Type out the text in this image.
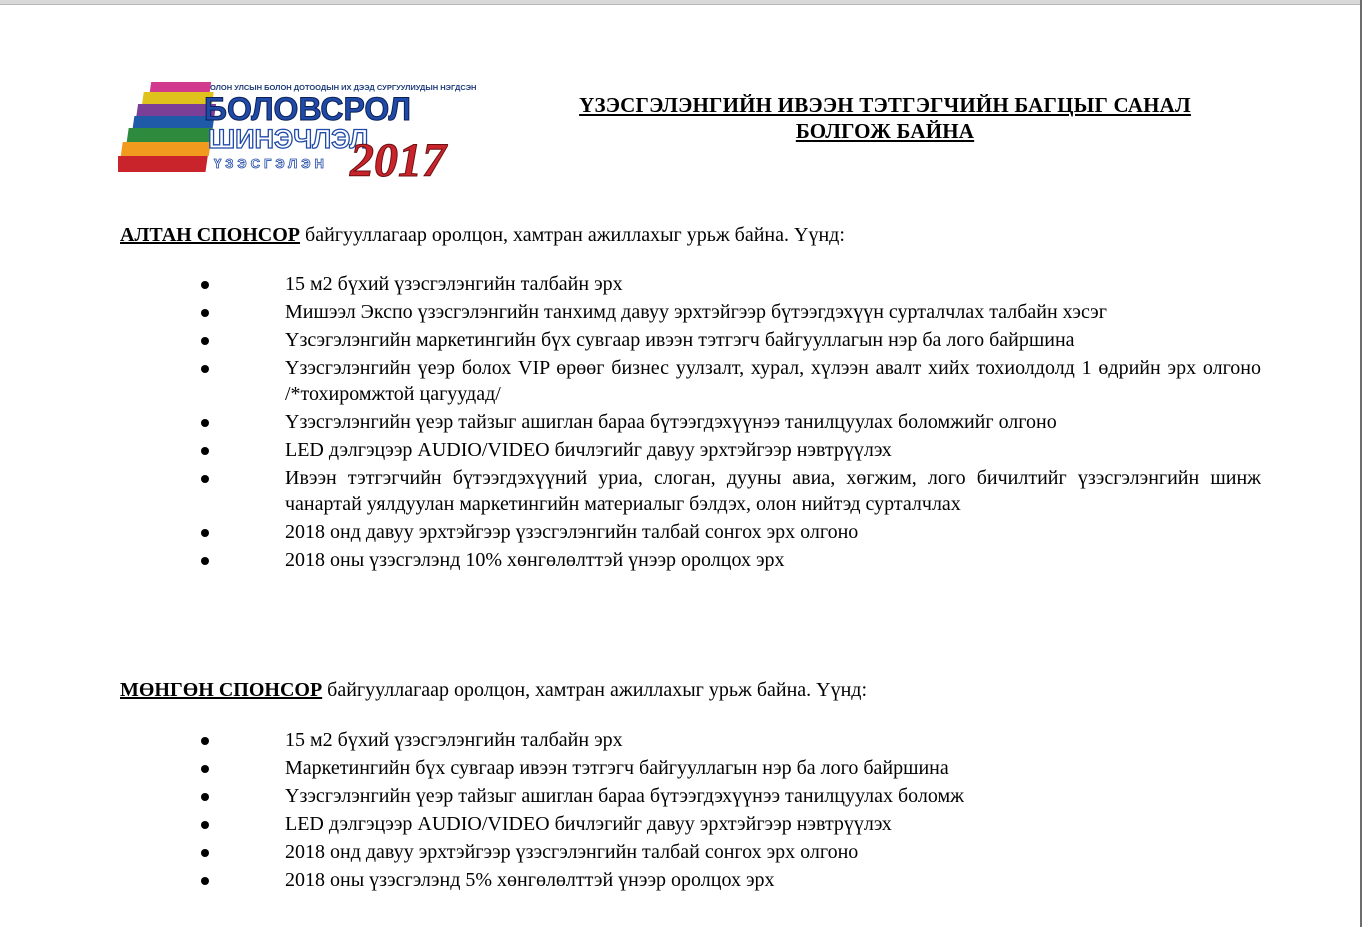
ОЛОН УЛСЫН БОЛОН ДОТООДЫН ИХ ДЭЭД СУРГУУЛИУДЫН НЭГДСЭН
БОЛОВСРОЛ
ШИНЭЧЛЭЛ
ҮЗЭСГЭЛЭН 2017
ҮЗЭСГЭЛЭНГИЙН ИВЭЭН ТЭТГЭГЧИЙН БАГЦЫГ САНАЛ
БОЛГОЖ БАЙНА
АЛТАН СПОНСОР байгууллагаар оролцон, хамтран ажиллахыг урьж байна. Үүнд:
15 м2 бүхий үзэсгэлэнгийн талбайн эрх
Мишээл Экспо үзэсгэлэнгийн танхимд давуу эрхтэйгээр бүтээгдэхүүн сурталчлах талбайн хэсэг
Үзсэгэлэнгийн маркетингийн бүх сувгаар ивээн тэтгэгч байгууллагын нэр ба лого байршина
Үзэсгэлэнгийн үеэр болох VIP өрөөг бизнес уулзалт, хурал, хүлээн авалт хийх тохиолдолд 1 өдрийн эрх олгоно /*тохиромжтой цагуудад/
Үзэсгэлэнгийн үеэр тайзыг ашиглан бараа бүтээгдэхүүнээ танилцуулах боломжийг олгоно
LED дэлгэцээр AUDIO/VIDEO бичлэгийг давуу эрхтэйгээр нэвтрүүлэх
Ивээн тэтгэгчийн бүтээгдэхүүний уриа, слоган, дууны авиа, хөгжим, лого бичилтийг үзэсгэлэнгийн шинж чанартай уялдуулан маркетингийн материалыг бэлдэх, олон нийтэд сурталчлах
2018 онд давуу эрхтэйгээр үзэсгэлэнгийн талбай сонгох эрх олгоно
2018 оны үзэсгэлэнд 10% хөнгөлөлттэй үнээр оролцох эрх
МӨНГӨН СПОНСОР байгууллагаар оролцон, хамтран ажиллахыг урьж байна. Үүнд:
15 м2 бүхий үзэсгэлэнгийн талбайн эрх
Маркетингийн бүх сувгаар ивээн тэтгэгч байгууллагын нэр ба лого байршина
Үзэсгэлэнгийн үеэр тайзыг ашиглан бараа бүтээгдэхүүнээ танилцуулах боломж
LED дэлгэцээр AUDIO/VIDEO бичлэгийг давуу эрхтэйгээр нэвтрүүлэх
2018 онд давуу эрхтэйгээр үзэсгэлэнгийн талбай сонгох эрх олгоно
2018 оны үзэсгэлэнд 5% хөнгөлөлттэй үнээр оролцох эрх
